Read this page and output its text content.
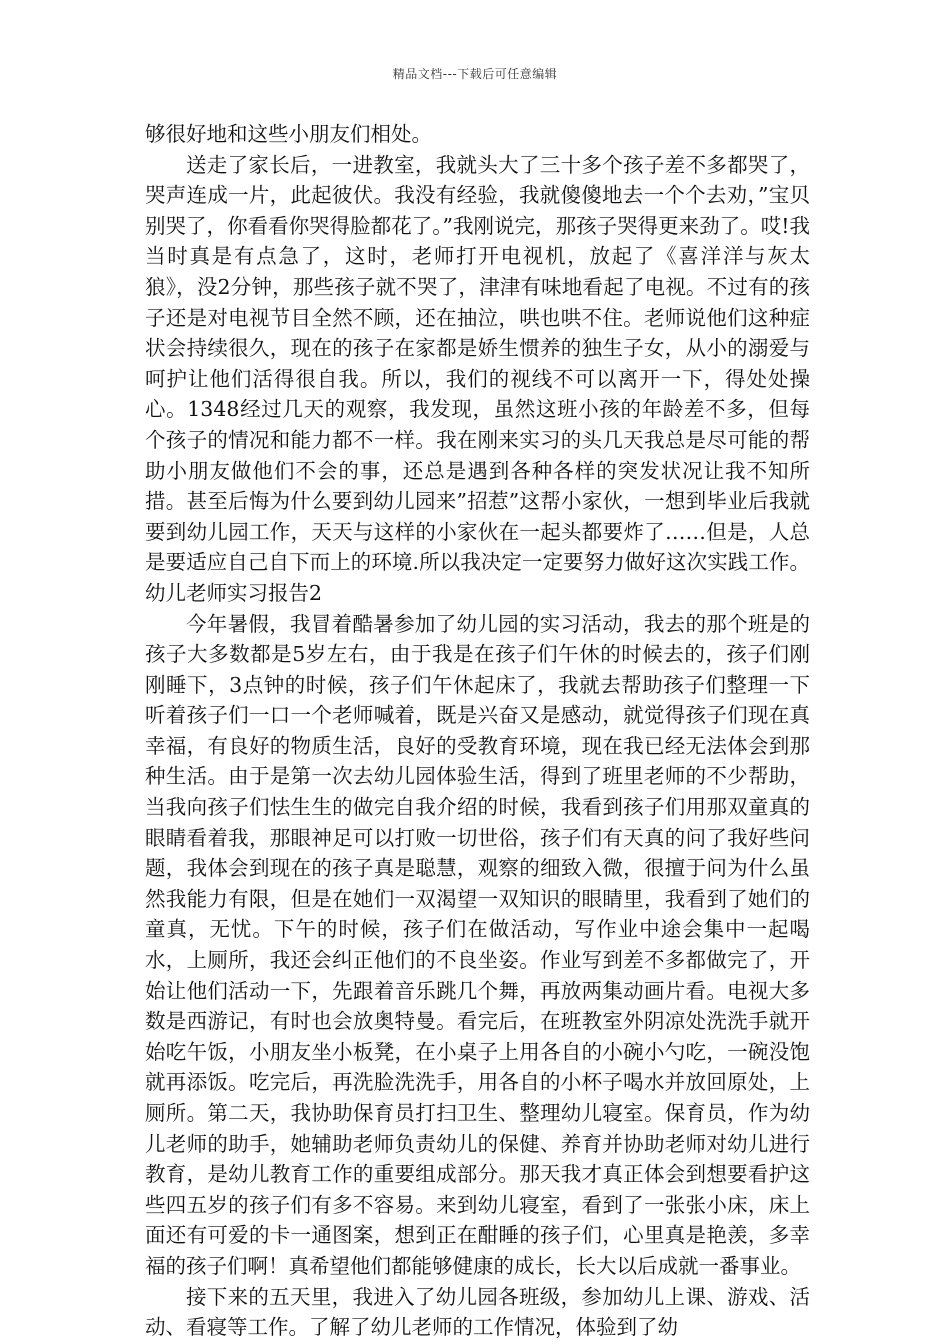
精品文档---下载后可任意编辑

够很好地和这些小朋友们相处。

送走了家长后，一进教室，我就头大了三十多个孩子差不多都哭了，哭声连成一片，此起彼伏。我没有经验，我就傻傻地去一个个去劝，”宝贝别哭了，你看看你哭得脸都花了。”我刚说完，那孩子哭得更来劲了。哎!我当时真是有点急了，这时，老师打开电视机，放起了《喜洋洋与灰太狼》，没2分钟，那些孩子就不哭了，津津有味地看起了电视。不过有的孩子还是对电视节目全然不顾，还在抽泣，哄也哄不住。老师说他们这种症状会持续很久，现在的孩子在家都是娇生惯养的独生子女，从小的溺爱与呵护让他们活得很自我。所以，我们的视线不可以离开一下，得处处操心。1348经过几天的观察，我发现，虽然这班小孩的年龄差不多，但每个孩子的情况和能力都不一样。我在刚来实习的头几天我总是尽可能的帮助小朋友做他们不会的事，还总是遇到各种各样的突发状况让我不知所措。甚至后悔为什么要到幼儿园来”招惹”这帮小家伙，一想到毕业后我就要到幼儿园工作，天天与这样的小家伙在一起头都要炸了……但是，人总是要适应自己自下而上的环境.所以我决定一定要努力做好这次实践工作。幼儿老师实习报告2

今年暑假，我冒着酷暑参加了幼儿园的实习活动，我去的那个班是的孩子大多数都是5岁左右，由于我是在孩子们午休的时候去的，孩子们刚刚睡下，3点钟的时候，孩子们午休起床了，我就去帮助孩子们整理一下听着孩子们一口一个老师喊着，既是兴奋又是感动，就觉得孩子们现在真幸福，有良好的物质生活，良好的受教育环境，现在我已经无法体会到那种生活。由于是第一次去幼儿园体验生活，得到了班里老师的不少帮助，当我向孩子们怯生生的做完自我介绍的时候，我看到孩子们用那双童真的眼睛看着我，那眼神足可以打败一切世俗，孩子们有天真的问了我好些问题，我体会到现在的孩子真是聪慧，观察的细致入微，很擅于问为什么虽然我能力有限，但是在她们一双渴望一双知识的眼睛里，我看到了她们的童真，无忧。下午的时候，孩子们在做活动，写作业中途会集中一起喝水，上厕所，我还会纠正他们的不良坐姿。作业写到差不多都做完了，开始让他们活动一下，先跟着音乐跳几个舞，再放两集动画片看。电视大多数是西游记，有时也会放奥特曼。看完后，在班教室外阴凉处洗洗手就开始吃午饭，小朋友坐小板凳，在小桌子上用各自的小碗小勺吃，一碗没饱就再添饭。吃完后，再洗脸洗洗手，用各自的小杯子喝水并放回原处，上厕所。第二天，我协助保育员打扫卫生、整理幼儿寝室。保育员，作为幼儿老师的助手，她辅助老师负责幼儿的保健、养育并协助老师对幼儿进行教育，是幼儿教育工作的重要组成部分。那天我才真正体会到想要看护这些四五岁的孩子们有多不容易。来到幼儿寝室，看到了一张张小床，床上面还有可爱的卡一通图案，想到正在酣睡的孩子们，心里真是艳羡，多幸福的孩子们啊！真希望他们都能够健康的成长，长大以后成就一番事业。

接下来的五天里，我进入了幼儿园各班级，参加幼儿上课、游戏、活动、看寝等工作。了解了幼儿老师的工作情况，体验到了幼
